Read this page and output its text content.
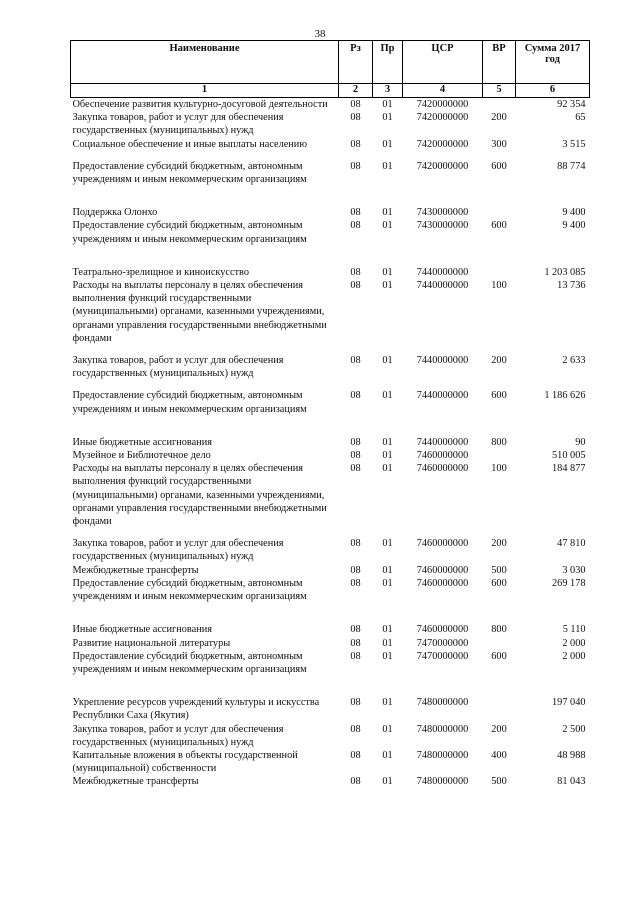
38
Наименование	Рз	Пр	ЦСР	ВР	Сумма 2017 год
1	2	3	4	5	6
Обеспечение развития культурно-досуговой деятельности	08	01	7420000000		92 354
Закупка товаров, работ и услуг для обеспечения государственных (муниципальных) нужд	08	01	7420000000	200	65
Социальное обеспечение и иные выплаты населению	08	01	7420000000	300	3 515

Предоставление субсидий бюджетным, автономным учреждениям и иным некоммерческим организациям	08	01	7420000000	600	88 774

Поддержка Олонхо	08	01	7430000000		9 400
Предоставление субсидий бюджетным, автономным учреждениям и иным некоммерческим организациям	08	01	7430000000	600	9 400

Театрально-зрелищное и киноискусство	08	01	7440000000		1 203 085
Расходы на выплаты персоналу в целях обеспечения выполнения функций государственными (муниципальными) органами, казенными учреждениями, органами управления государственными внебюджетными фондами	08	01	7440000000	100	13 736

Закупка товаров, работ и услуг для обеспечения государственных (муниципальных) нужд	08	01	7440000000	200	2 633

Предоставление субсидий бюджетным, автономным учреждениям и иным некоммерческим организациям	08	01	7440000000	600	1 186 626

Иные бюджетные ассигнования	08	01	7440000000	800	90
Музейное и Библиотечное дело	08	01	7460000000		510 005
Расходы на выплаты персоналу в целях обеспечения выполнения функций государственными (муниципальными) органами, казенными учреждениями, органами управления государственными внебюджетными фондами	08	01	7460000000	100	184 877

Закупка товаров, работ и услуг для обеспечения государственных (муниципальных) нужд	08	01	7460000000	200	47 810
Межбюджетные трансферты	08	01	7460000000	500	3 030
Предоставление субсидий бюджетным, автономным учреждениям и иным некоммерческим организациям	08	01	7460000000	600	269 178

Иные бюджетные ассигнования	08	01	7460000000	800	5 110
Развитие национальной литературы	08	01	7470000000		2 000
Предоставление субсидий бюджетным, автономным учреждениям и иным некоммерческим организациям	08	01	7470000000	600	2 000

Укрепление ресурсов учреждений культуры и искусства Республики Саха (Якутия)	08	01	7480000000		197 040
Закупка товаров, работ и услуг для обеспечения государственных (муниципальных) нужд	08	01	7480000000	200	2 500
Капитальные вложения в объекты государственной (муниципальной) собственности	08	01	7480000000	400	48 988
Межбюджетные трансферты	08	01	7480000000	500	81 043
